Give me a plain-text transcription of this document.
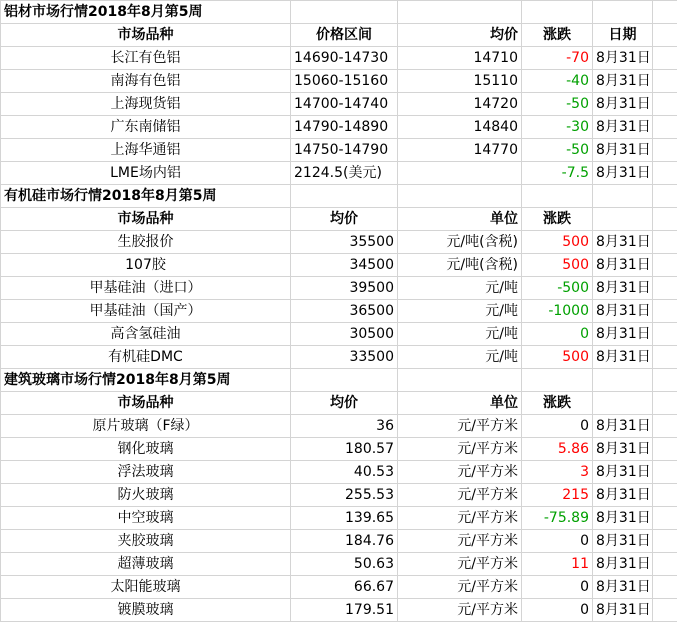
铝材市场行情2018年8月第5周					
市场品种	价格区间	均价	涨跌	日期	
长江有色铝	14690-14730	14710	-70	8月31日	
南海有色铝	15060-15160	15110	-40	8月31日	
上海现货铝	14700-14740	14720	-50	8月31日	
广东南储铝	14790-14890	14840	-30	8月31日	
上海华通铝	14750-14790	14770	-50	8月31日	
LME场内铝	2124.5(美元)		-7.5	8月31日	
有机硅市场行情2018年8月第5周					
市场品种	均价	单位	涨跌		
生胶报价	35500	元/吨(含税)	500	8月31日	
107胶	34500	元/吨(含税)	500	8月31日	
甲基硅油（进口）	39500	元/吨	-500	8月31日	
甲基硅油（国产）	36500	元/吨	-1000	8月31日	
高含氢硅油	30500	元/吨	0	8月31日	
有机硅DMC	33500	元/吨	500	8月31日	
建筑玻璃市场行情2018年8月第5周					
市场品种	均价	单位	涨跌		
原片玻璃（F绿）	36	元/平方米	0	8月31日	
钢化玻璃	180.57	元/平方米	5.86	8月31日	
浮法玻璃	40.53	元/平方米	3	8月31日	
防火玻璃	255.53	元/平方米	215	8月31日	
中空玻璃	139.65	元/平方米	-75.89	8月31日	
夹胶玻璃	184.76	元/平方米	0	8月31日	
超薄玻璃	50.63	元/平方米	11	8月31日	
太阳能玻璃	66.67	元/平方米	0	8月31日	
镀膜玻璃	179.51	元/平方米	0	8月31日	
